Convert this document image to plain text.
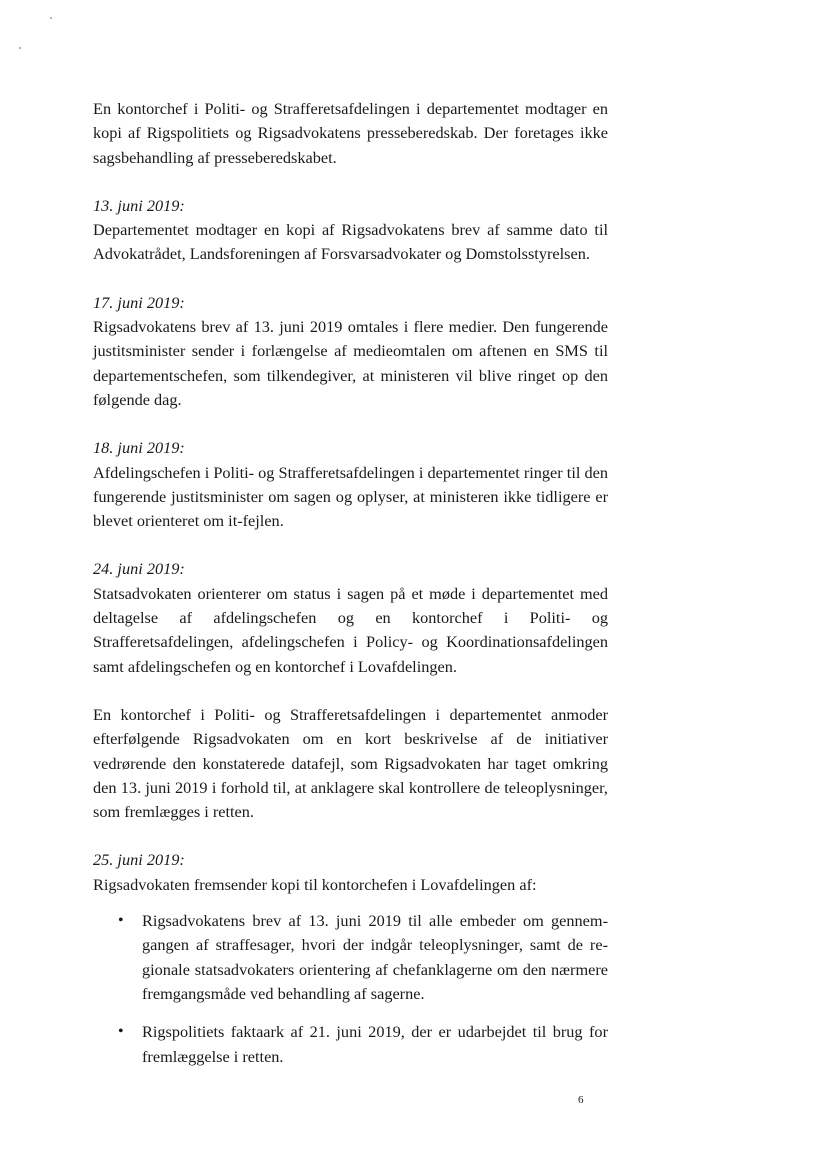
En kontorchef i Politi- og Strafferetsafdelingen i departementet modtager en kopi af Rigspolitiets og Rigsadvokatens presseberedskab. Der foretages ikke sagsbehandling af presseberedskabet.

13. juni 2019:

Departementet modtager en kopi af Rigsadvokatens brev af samme dato til Advokatrådet, Landsforeningen af Forsvarsadvokater og Domstolsstyrelsen.

17. juni 2019:

Rigsadvokatens brev af 13. juni 2019 omtales i flere medier. Den fungerende justitsminister sender i forlængelse af medieomtalen om aftenen en SMS til departementschefen, som tilkendegiver, at ministeren vil blive ringet op den følgende dag.

18. juni 2019:

Afdelingschefen i Politi- og Strafferetsafdelingen i departementet ringer til den fungerende justitsminister om sagen og oplyser, at ministeren ikke tidligere er blevet orienteret om it-fejlen.

24. juni 2019:

Statsadvokaten orienterer om status i sagen på et møde i departementet med deltagelse af afdelingschefen og en kontorchef i Politi- og Strafferetsafdelingen, afdelingschefen i Policy- og Koordinationsafdelingen samt afdelingschefen og en kontorchef i Lovafdelingen.

En kontorchef i Politi- og Strafferetsafdelingen i departementet anmoder efterfølgende Rigsadvokaten om en kort beskrivelse af de initiativer vedrørende den konstaterede datafejl, som Rigsadvokaten har taget omkring den 13. juni 2019 i forhold til, at anklagere skal kontrollere de teleoplysninger, som fremlægges i retten.

25. juni 2019:

Rigsadvokaten fremsender kopi til kontorchefen i Lovafdelingen af:

• Rigsadvokatens brev af 13. juni 2019 til alle embeder om gennemgangen af straffesager, hvori der indgår teleoplysninger, samt de regionale statsadvokaters orientering af chefanklagerne om den nærmere fremgangsmåde ved behandling af sagerne.
• Rigspolitiets faktaark af 21. juni 2019, der er udarbejdet til brug for fremlæggelse i retten.
6
